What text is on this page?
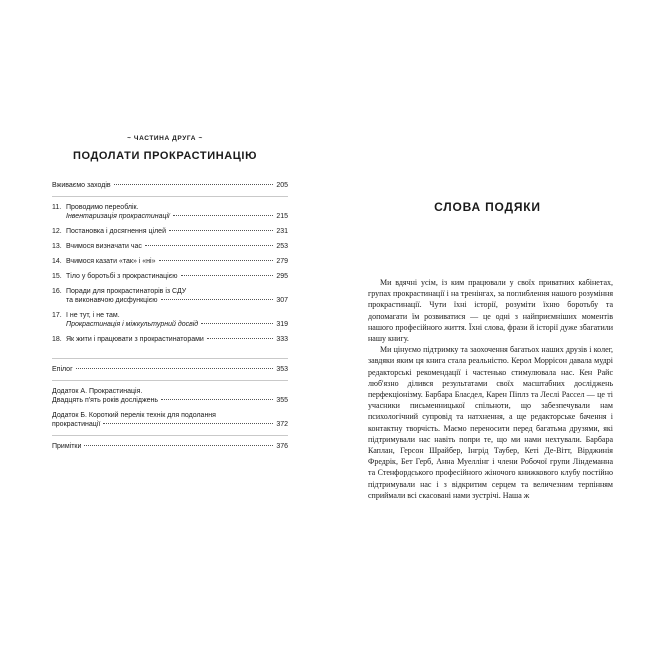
~ ЧАСТИНА ДРУГА ~
ПОДОЛАТИ ПРОКРАСТИНАЦІЮ
Вживаємо заходів	205
11. Проводимо переоблік.
Інвентаризація прокрастинації	215
12. Постановка і досягнення цілей	231
13. Вчимося визначати час	253
14. Вчимося казати «так» і «ні»	279
15. Тіло у боротьбі з прокрастинацією	295
16. Поради для прокрастинаторів із СДУ
та виконавчою дисфункцією	307
17. І не тут, і не там.
Прокрастинація і міжкультурний досвід	319
18. Як жити і працювати з прокрастинаторами	333
Епілог	353
Додаток А. Прокрастинація.
Двадцять п'ять років досліджень	355
Додаток Б. Короткий перелік технік для подолання
прокрастинації	372
Примітки	376
СЛОВА ПОДЯКИ

Ми вдячні усім, із ким працювали у своїх приватних кабінетах, групах прокрастинації і на тренінгах, за поглиблення нашого розуміння прокрастинації. Чути їхні історії, розуміти їхню боротьбу та допомагати їм розвиватися — це одні з найприємніших моментів нашого професійного життя. Їхні слова, фрази й історії дуже збагатили нашу книгу.

Ми цінуємо підтримку та заохочення багатьох наших друзів і колег, завдяки яким ця книга стала реальністю. Керол Моррісон давала мудрі редакторські рекомендації і частенько стимулювала нас. Кен Райс люб'язно ділився результатами своїх масштабних досліджень перфекціонізму. Барбара Бласдел, Карен Піплз та Леслі Рассел — це ті учасники письменницької спільноти, що забезпечували нам психологічний супровід та натхнення, а ще редакторське бачення і контактну творчість. Маємо переносити перед багатьма друзями, які підтримували нас навіть попри те, що ми нами нехтували. Барбара Каплан, Герсон Шрайбер, Інгрід Таубер, Кеті Де-Вітт, Вірджинія Фредрік, Бет Герб, Анна Муеллінг і члени Робочої групи Ліндеманна та Стенфордського професійного жіночого книжкового клубу постійно підтримували нас і з відкритим серцем та величезним терпінням сприймали всі скасовані нами зустрічі. Наша ж
